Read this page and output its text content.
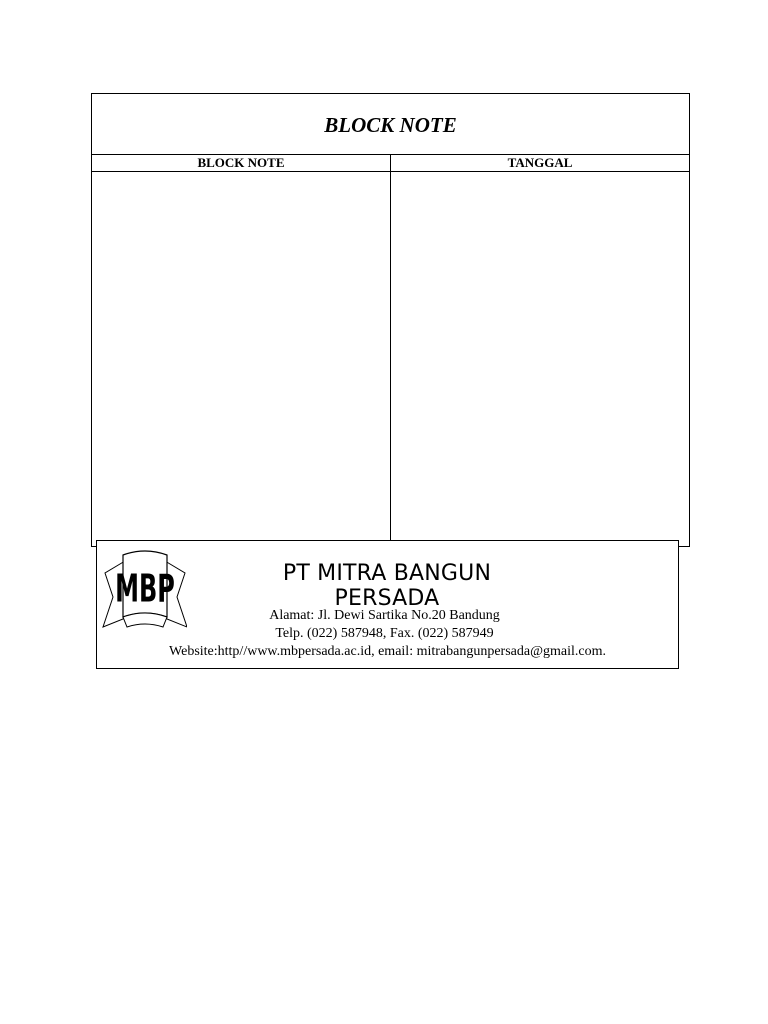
BLOCK NOTE
BLOCK NOTE	TANGGAL
MBP	PT MITRA BANGUN PERSADA
Alamat: Jl. Dewi Sartika No.20 Bandung
Telp. (022) 587948, Fax. (022) 587949
Website:http//www.mbpersada.ac.id, email: mitrabangunpersada@gmail.com.
